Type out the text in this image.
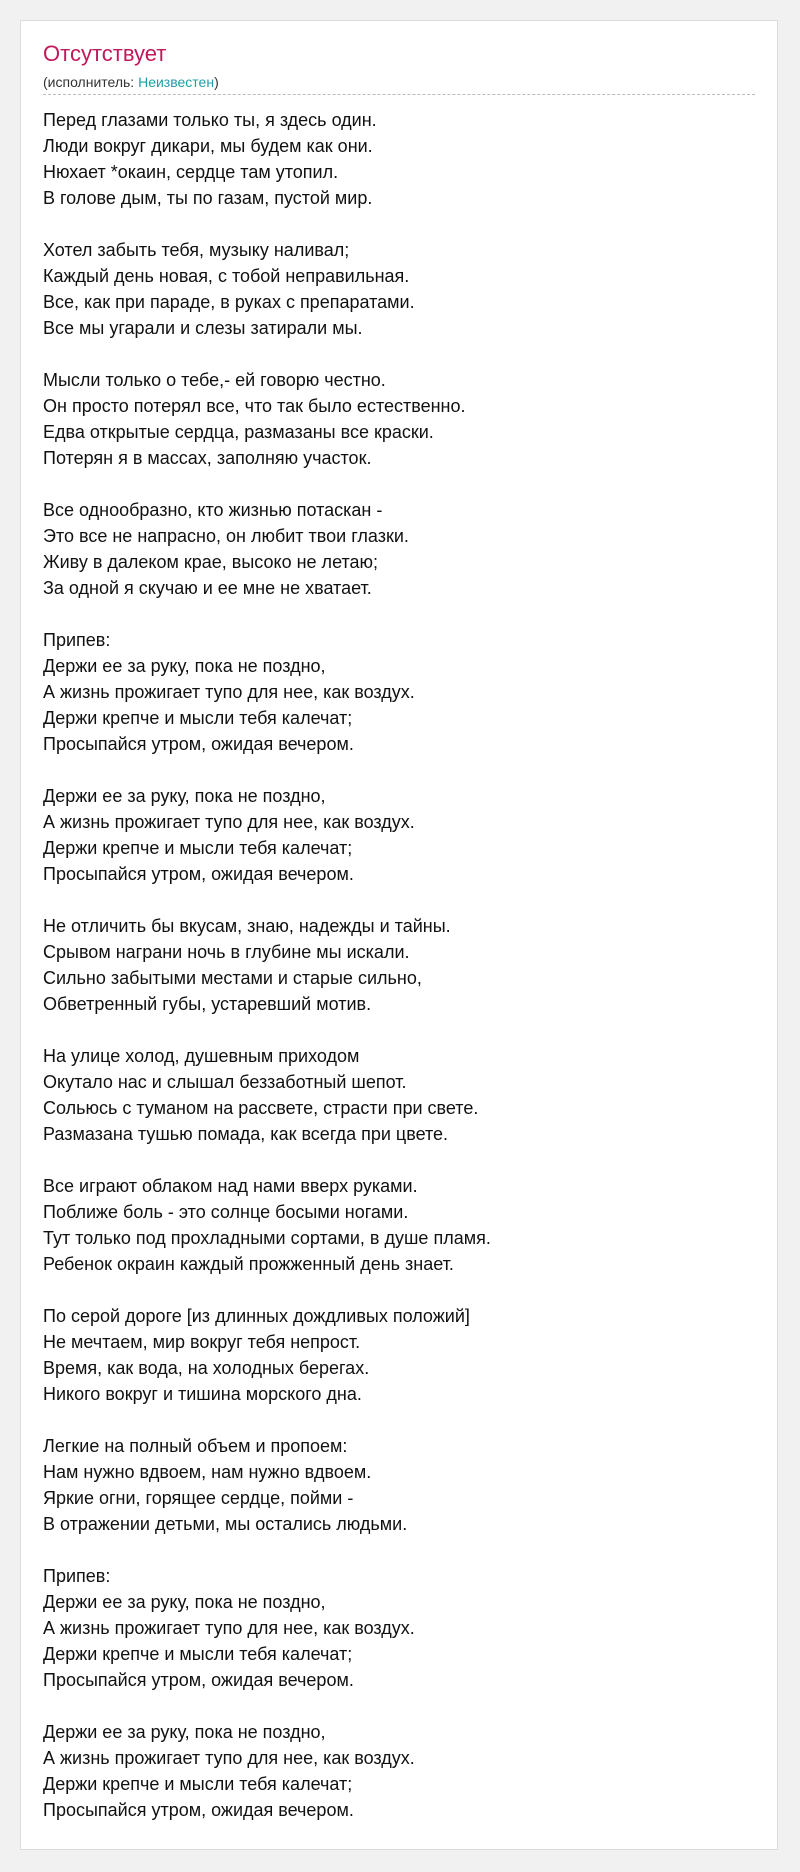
Отсутствует
(исполнитель: Неизвестен)
Перед глазами только ты, я здесь один.
Люди вокруг дикари, мы будем как они.
Нюхает *окаин, сердце там утопил.
В голове дым, ты по газам, пустой мир.
Хотел забыть тебя, музыку наливал;
Каждый день новая, с тобой неправильная.
Все, как при параде, в руках с препаратами.
Все мы угарали и слезы затирали мы.
Мысли только о тебе,- ей говорю честно.
Он просто потерял все, что так было естественно.
Едва открытые сердца, размазаны все краски.
Потерян я в массах, заполняю участок.
Все однообразно, кто жизнью потаскан -
Это все не напрасно, он любит твои глазки.
Живу в далеком крае, высоко не летаю;
За одной я скучаю и ее мне не хватает.
Припев:
Держи ее за руку, пока не поздно,
А жизнь прожигает тупо для нее, как воздух.
Держи крепче и мысли тебя калечат;
Просыпайся утром, ожидая вечером.
Держи ее за руку, пока не поздно,
А жизнь прожигает тупо для нее, как воздух.
Держи крепче и мысли тебя калечат;
Просыпайся утром, ожидая вечером.
Не отличить бы вкусам, знаю, надежды и тайны.
Срывом награни ночь в глубине мы искали.
Сильно забытыми местами и старые сильно,
Обветренный губы, устаревший мотив.
На улице холод, душевным приходом
Окутало нас и слышал беззаботный шепот.
Сольюсь с туманом на рассвете, страсти при свете.
Размазана тушью помада, как всегда при цвете.
Все играют облаком над нами вверх руками.
Поближе боль - это солнце босыми ногами.
Тут только под прохладными сортами, в душе пламя.
Ребенок окраин каждый прожженный день знает.
По серой дороге [из длинных дождливых положий]
Не мечтаем, мир вокруг тебя непрост.
Время, как вода, на холодных берегах.
Никого вокруг и тишина морского дна.
Легкие на полный объем и пропоем:
Нам нужно вдвоем, нам нужно вдвоем.
Яркие огни, горящее сердце, пойми -
В отражении детьми, мы остались людьми.
Припев:
Держи ее за руку, пока не поздно,
А жизнь прожигает тупо для нее, как воздух.
Держи крепче и мысли тебя калечат;
Просыпайся утром, ожидая вечером.
Держи ее за руку, пока не поздно,
А жизнь прожигает тупо для нее, как воздух.
Держи крепче и мысли тебя калечат;
Просыпайся утром, ожидая вечером.
